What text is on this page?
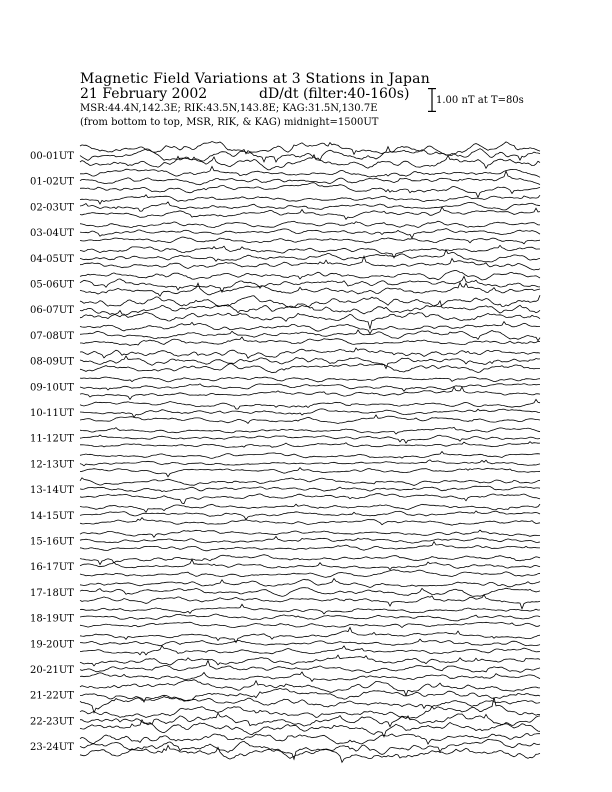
Magnetic Field Variations at 3 Stations in Japan
21 February 2002	dD/dt (filter:40-160s)
MSR:44.4N,142.3E; RIK:43.5N,143.8E; KAG:31.5N,130.7E
(from bottom to top, MSR, RIK, & KAG) midnight=1500UT
1.00 nT at T=80s
00-01UT
01-02UT
02-03UT
03-04UT
04-05UT
05-06UT
06-07UT
07-08UT
08-09UT
09-10UT
10-11UT
11-12UT
12-13UT
13-14UT
14-15UT
15-16UT
16-17UT
17-18UT
18-19UT
19-20UT
20-21UT
21-22UT
22-23UT
23-24UT
